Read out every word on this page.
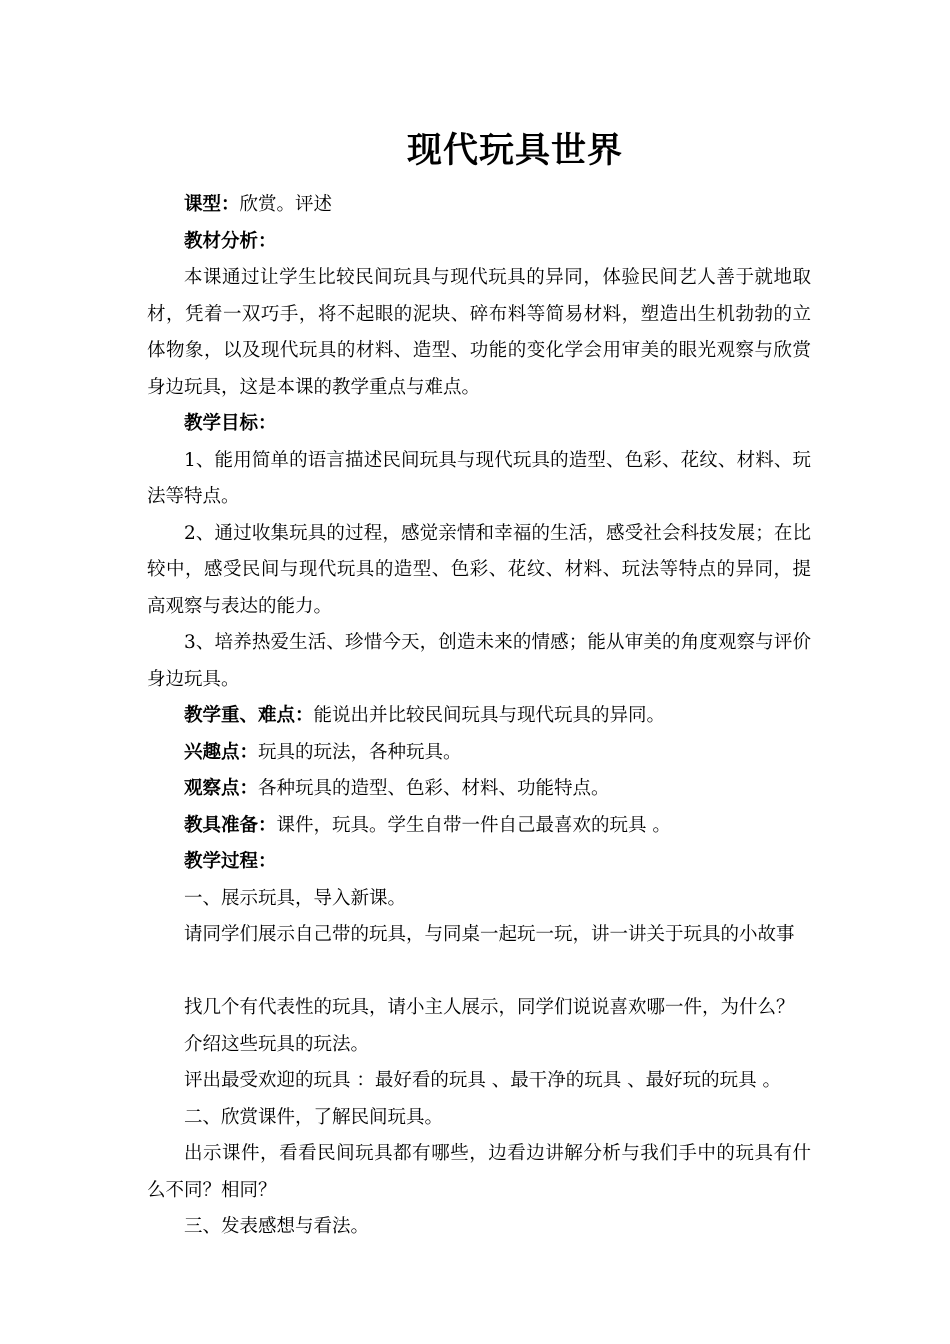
现代玩具世界

课型：欣赏。评述

教材分析：

本课通过让学生比较民间玩具与现代玩具的异同，体验民间艺人善于就地取材，凭着一双巧手，将不起眼的泥块、碎布料等简易材料，塑造出生机勃勃的立体物象，以及现代玩具的材料、造型、功能的变化学会用审美的眼光观察与欣赏身边玩具，这是本课的教学重点与难点。

教学目标：

1、能用简单的语言描述民间玩具与现代玩具的造型、色彩、花纹、材料、玩法等特点。

2、通过收集玩具的过程，感觉亲情和幸福的生活，感受社会科技发展；在比较中，感受民间与现代玩具的造型、色彩、花纹、材料、玩法等特点的异同，提高观察与表达的能力。

3、培养热爱生活、珍惜今天，创造未来的情感；能从审美的角度观察与评价身边玩具。

教学重、难点：能说出并比较民间玩具与现代玩具的异同。

兴趣点：玩具的玩法，各种玩具。

观察点：各种玩具的造型、色彩、材料、功能特点。

教具准备：课件，玩具。学生自带一件自己最喜欢的玩具 。

教学过程：

一、展示玩具，导入新课。

请同学们展示自己带的玩具，与同桌一起玩一玩，讲一讲关于玩具的小故事

找几个有代表性的玩具，请小主人展示，同学们说说喜欢哪一件，为什么？

介绍这些玩具的玩法。

评出最受欢迎的玩具 ：最好看的玩具 、最干净的玩具 、最好玩的玩具 。

二、欣赏课件，了解民间玩具。

出示课件，看看民间玩具都有哪些，边看边讲解分析与我们手中的玩具有什么不同？相同？

三、发表感想与看法。
